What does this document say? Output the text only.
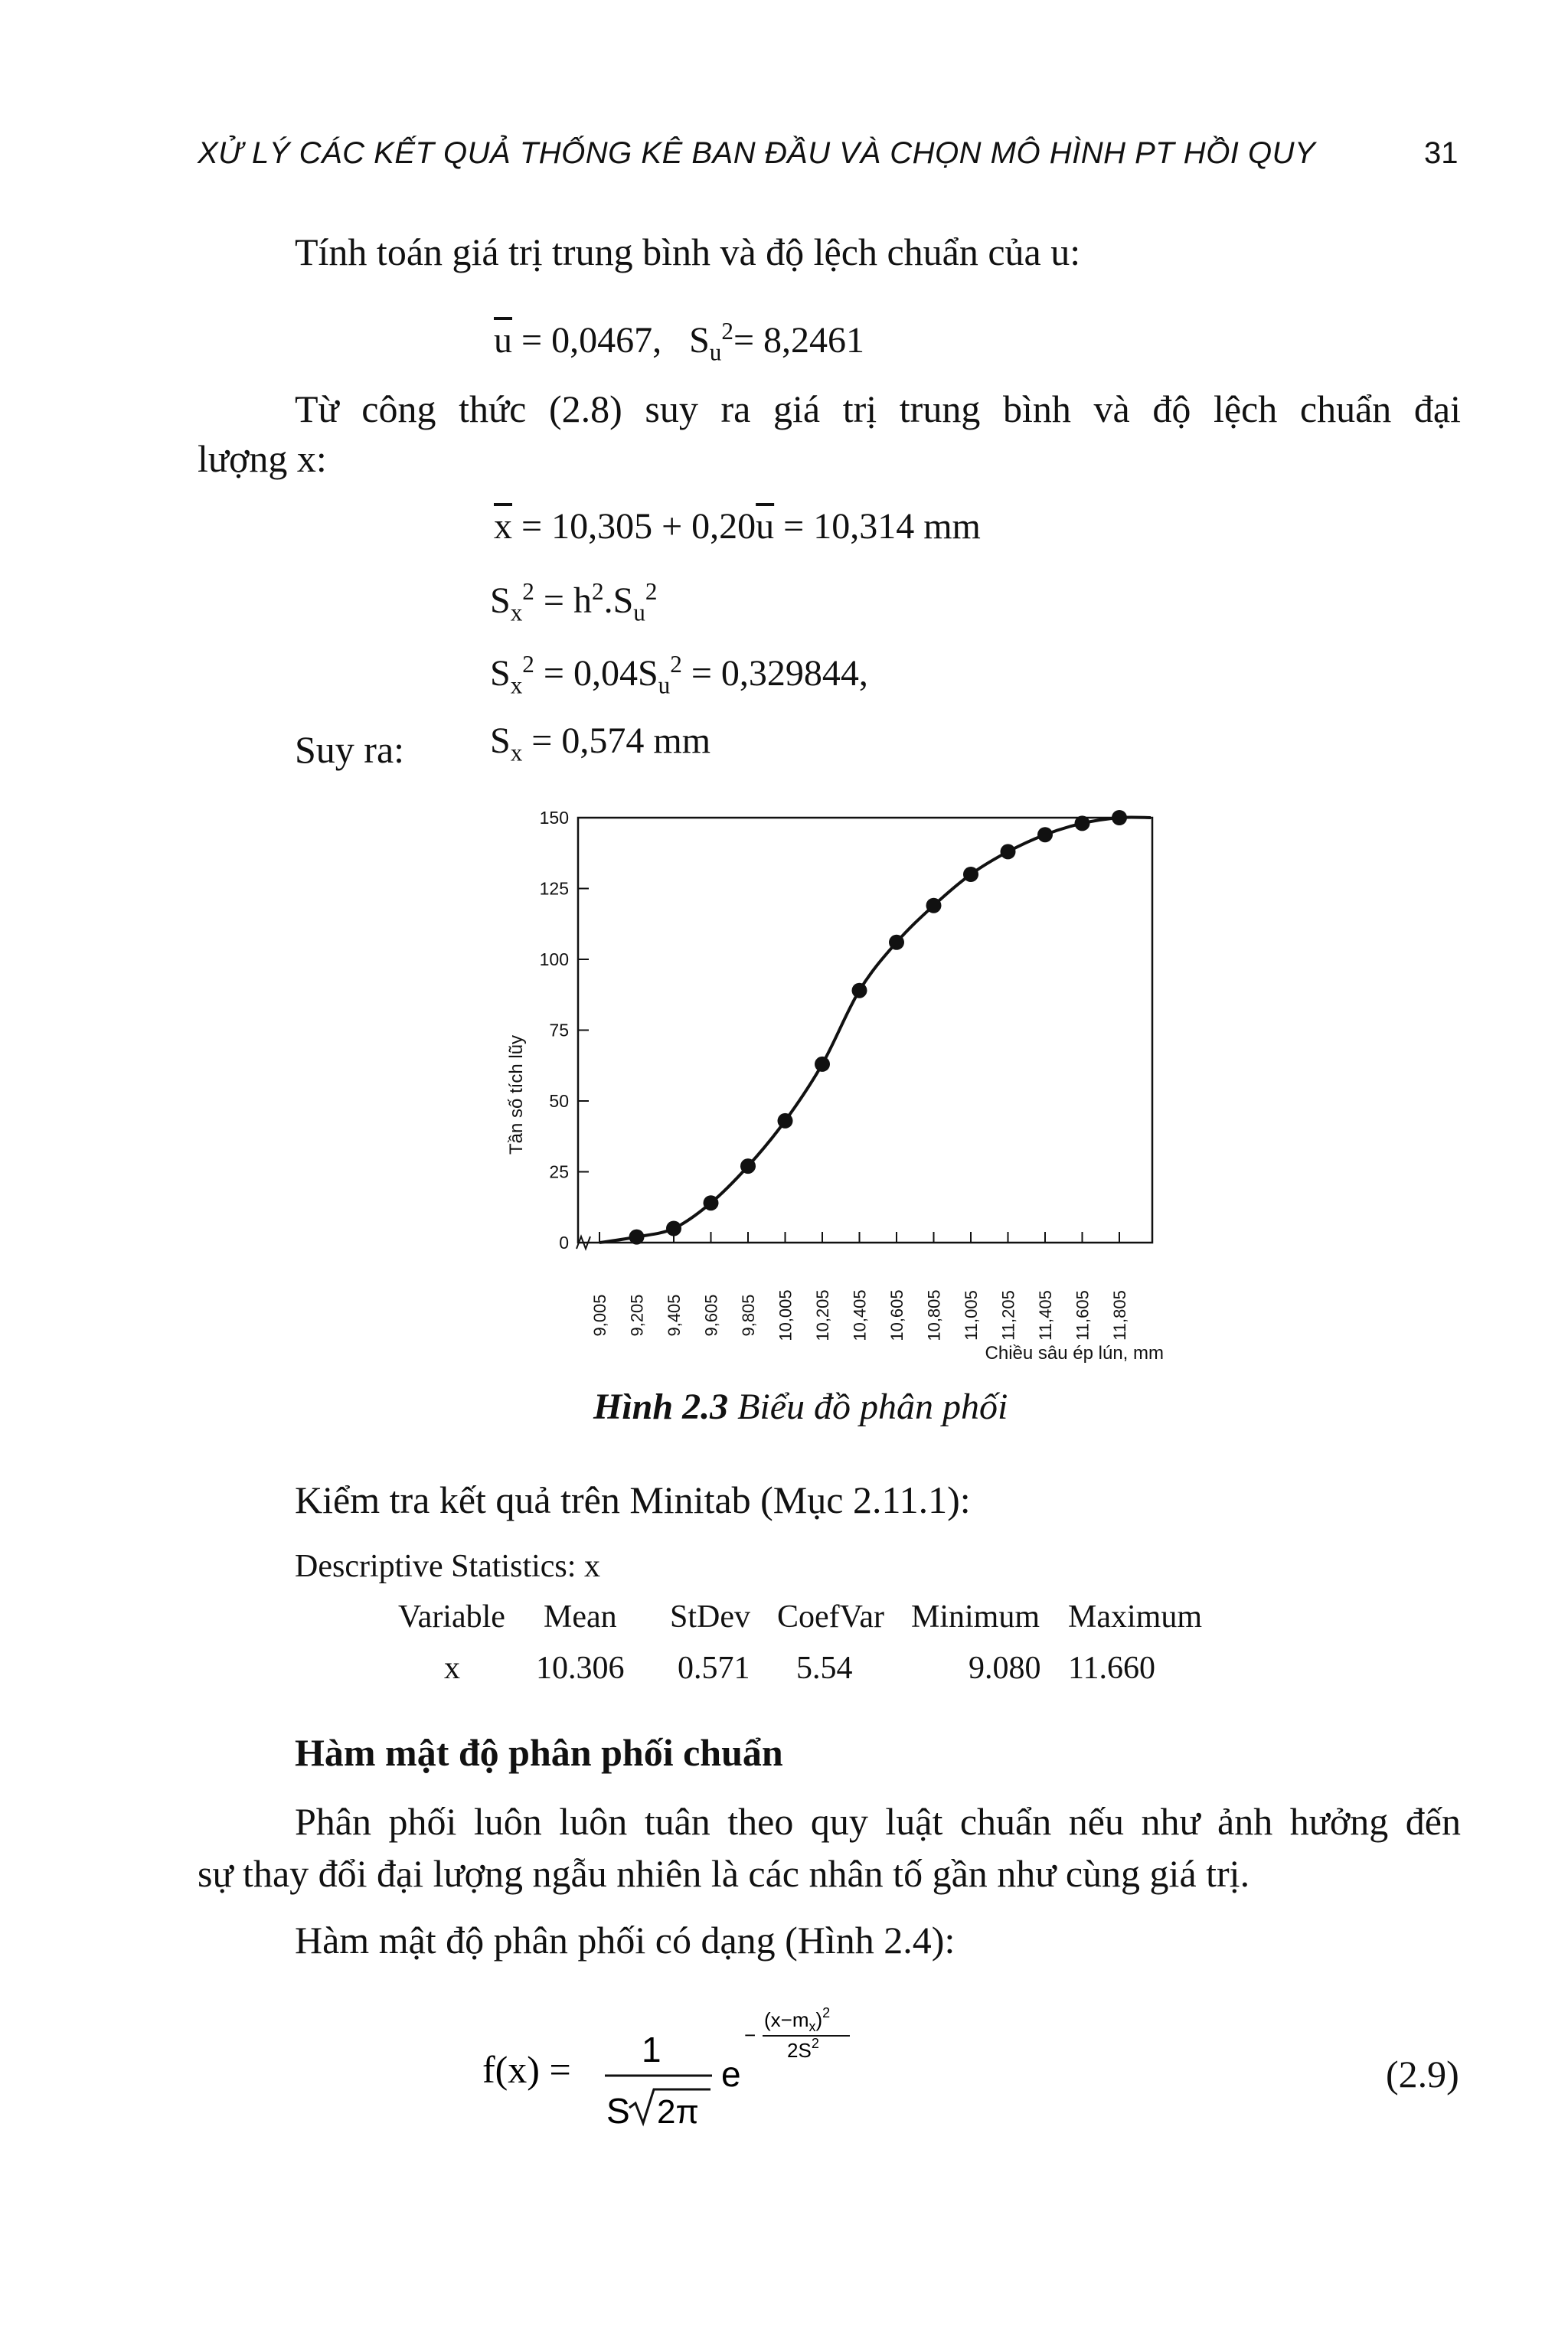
XỬ LÝ CÁC KẾT QUẢ THỐNG KÊ BAN ĐẦU VÀ CHỌN MÔ HÌNH PT HỒI QUY	31
Tính toán giá trị trung bình và độ lệch chuẩn của u:
$\overline{u} = 0,0467$, $S_u^2= 8,2461$
Từ công thức (2.8) suy ra giá trị trung bình và độ lệch chuẩn đại
lượng x:
$\overline{x} = 10,305 + 0,20\overline{u} = 10,314$ mm
$S_x^2 = h^2.S_u^2$
$S_x^2 = 0,04S_u^2 = 0,329844$,
Suy ra: $S_x = 0,574$ mm
0
25
50
75
100
125
150
9,005 9,205 9,405 9,605 9,805 10,005 10,205 10,405 10,605 10,805 11,005 11,205 11,405 11,605 11,805
Tần số tích lũy
Chiều sâu ép lún, mm
Hình 2.3 Biểu đồ phân phối
Kiểm tra kết quả trên Minitab (Mục 2.11.1):
Descriptive Statistics: x
Variable Mean StDev CoefVar Minimum Maximum
x 10.306 0.571 5.54	9.080 11.660
Hàm mật độ phân phối chuẩn
Phân phối luôn luôn tuân theo quy luật chuẩn nếu như ảnh hưởng đến
sự thay đổi đại lượng ngẫu nhiên là các nhân tố gần như cùng giá trị.
Hàm mật độ phân phối có dạng (Hình 2.4):
f(x) = 1
S 2π
e
−
$(x-m_x)^2$
$2S^2$
(2.9)
